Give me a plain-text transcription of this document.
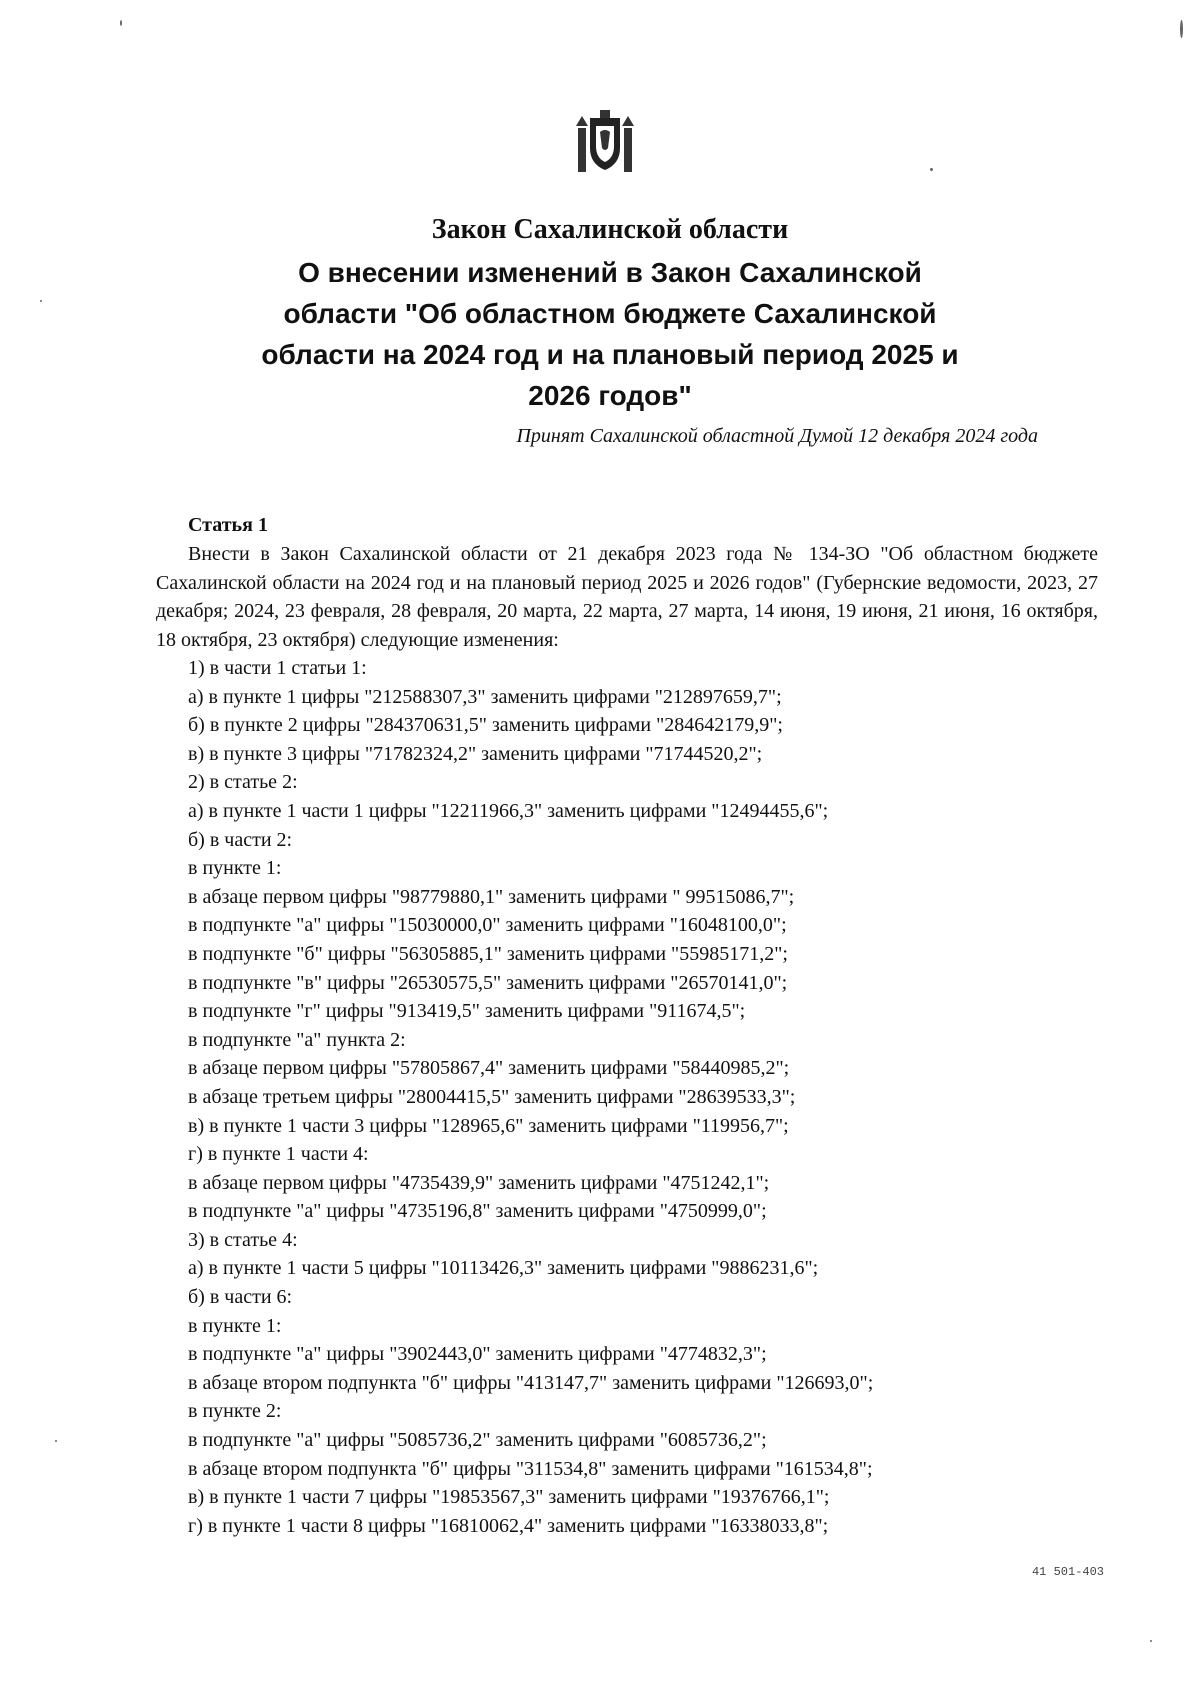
Закон Сахалинской области
О внесении изменений в Закон Сахалинской
области "Об областном бюджете Сахалинской
области на 2024 год и на плановый период 2025 и
2026 годов"
Принят Сахалинской областной Думой 12 декабря 2024 года
Статья 1
Внести в Закон Сахалинской области от 21 декабря 2023 года № 134-ЗО "Об областном бюджете Сахалинской области на 2024 год и на плановый период 2025 и 2026 годов" (Губернские ведомости, 2023, 27 декабря; 2024, 23 февраля, 28 февраля, 20 марта, 22 марта, 27 марта, 14 июня, 19 июня, 21 июня, 16 октября, 18 октября, 23 октября) следующие изменения:
1) в части 1 статьи 1:
а) в пункте 1 цифры "212588307,3" заменить цифрами "212897659,7";
б) в пункте 2 цифры "284370631,5" заменить цифрами "284642179,9";
в) в пункте 3 цифры "71782324,2" заменить цифрами "71744520,2";
2) в статье 2:
а) в пункте 1 части 1 цифры "12211966,3" заменить цифрами "12494455,6";
б) в части 2:
в пункте 1:
в абзаце первом цифры "98779880,1" заменить цифрами " 99515086,7";
в подпункте "а" цифры "15030000,0" заменить цифрами "16048100,0";
в подпункте "б" цифры "56305885,1" заменить цифрами "55985171,2";
в подпункте "в" цифры "26530575,5" заменить цифрами "26570141,0";
в подпункте "г" цифры "913419,5" заменить цифрами "911674,5";
в подпункте "а" пункта 2:
в абзаце первом цифры "57805867,4" заменить цифрами "58440985,2";
в абзаце третьем цифры "28004415,5" заменить цифрами "28639533,3";
в) в пункте 1 части 3 цифры "128965,6" заменить цифрами "119956,7";
г) в пункте 1 части 4:
в абзаце первом цифры "4735439,9" заменить цифрами "4751242,1";
в подпункте "а" цифры "4735196,8" заменить цифрами "4750999,0";
3) в статье 4:
а) в пункте 1 части 5 цифры "10113426,3" заменить цифрами "9886231,6";
б) в части 6:
в пункте 1:
в подпункте "а" цифры "3902443,0" заменить цифрами "4774832,3";
в абзаце втором подпункта "б" цифры "413147,7" заменить цифрами "126693,0";
в пункте 2:
в подпункте "а" цифры "5085736,2" заменить цифрами "6085736,2";
в абзаце втором подпункта "б" цифры "311534,8" заменить цифрами "161534,8";
в) в пункте 1 части 7 цифры "19853567,3" заменить цифрами "19376766,1";
г) в пункте 1 части 8 цифры "16810062,4" заменить цифрами "16338033,8";
41 501-403
